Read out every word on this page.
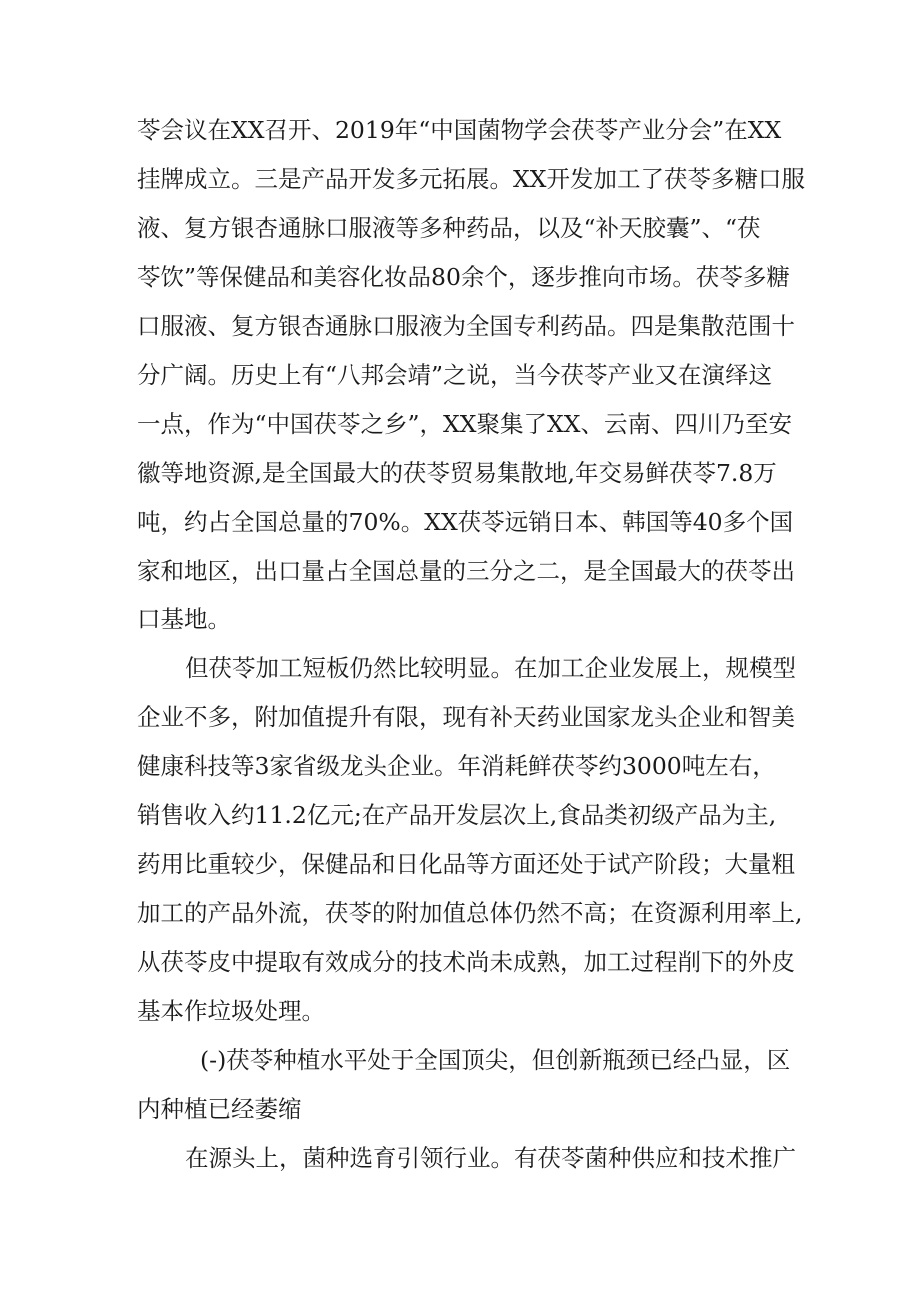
苓会议在XX召开、2019年“中国菌物学会茯苓产业分会”在XX
挂牌成立。三是产品开发多元拓展。XX开发加工了茯苓多糖口服
液、复方银杏通脉口服液等多种药品，以及“补天胶囊”、“茯
苓饮”等保健品和美容化妆品80余个，逐步推向市场。茯苓多糖
口服液、复方银杏通脉口服液为全国专利药品。四是集散范围十
分广阔。历史上有“八邦会靖”之说，当今茯苓产业又在演绎这
一点，作为“中国茯苓之乡”，XX聚集了XX、云南、四川乃至安
徽等地资源,是全国最大的茯苓贸易集散地,年交易鲜茯苓7.8万
吨，约占全国总量的70%。XX茯苓远销日本、韩国等40多个国
家和地区，出口量占全国总量的三分之二，是全国最大的茯苓出
口基地。
但茯苓加工短板仍然比较明显。在加工企业发展上，规模型
企业不多，附加值提升有限，现有补天药业国家龙头企业和智美
健康科技等3家省级龙头企业。年消耗鲜茯苓约3000吨左右，
销售收入约11.2亿元;在产品开发层次上,食品类初级产品为主,
药用比重较少，保健品和日化品等方面还处于试产阶段；大量粗
加工的产品外流，茯苓的附加值总体仍然不高；在资源利用率上,
从茯苓皮中提取有效成分的技术尚未成熟，加工过程削下的外皮
基本作垃圾处理。
(-)茯苓种植水平处于全国顶尖，但创新瓶颈已经凸显，区
内种植已经萎缩
在源头上，菌种选育引领行业。有茯苓菌种供应和技术推广
